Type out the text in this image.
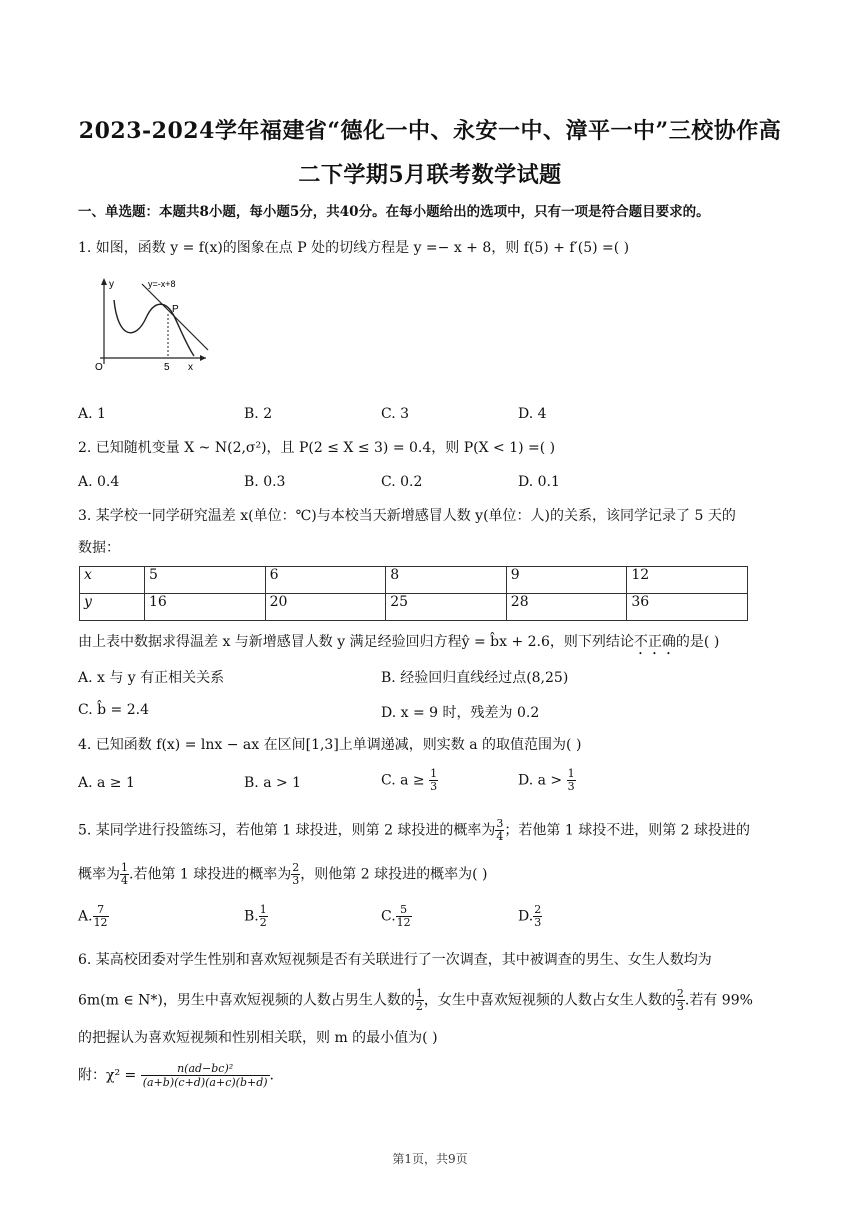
2023-2024学年福建省“德化一中、永安一中、漳平一中”三校协作高
二下学期5月联考数学试题
一、单选题：本题共8小题，每小题5分，共40分。在每小题给出的选项中，只有一项是符合题目要求的。
1. 如图，函数 y = f(x)的图象在点 P 处的切线方程是 y =− x + 8，则 f(5) + f′(5) =( )
y=-x+8
P
y
x
O	5
A. 1	B. 2	C. 3	D. 4
2. 已知随机变量 X ~ N(2,σ²)，且 P(2 ≤ X ≤ 3) = 0.4，则 P(X < 1) =( )
A. 0.4	B. 0.3	C. 0.2	D. 0.1
3. 某学校一同学研究温差 x(单位：℃)与本校当天新增感冒人数 y(单位：人)的关系，该同学记录了 5 天的
数据：
x	5	6	8	9	12
y	16	20	25	28	36
由上表中数据求得温差 x 与新增感冒人数 y 满足经验回归方程ŷ = b̂x + 2.6，则下列结论不正确的是( )
A. x 与 y 有正相关关系	B. 经验回归直线经过点(8,25)
C. b̂ = 2.4	D. x = 9 时，残差为 0.2
4. 已知函数 f(x) = lnx − ax 在区间[1,3]上单调递减，则实数 a 的取值范围为( )
A. a ≥ 1	B. a > 1	C. $a \ge \frac{1}{3}$	D. $a > \frac{1}{3}$
5. 某同学进行投篮练习，若他第 1 球投进，则第 2 球投进的概率为 $\frac{3}{4}$ ；若他第 1 球投不进，则第 2 球投进的
概率为 $\frac{1}{4}$ .若他第 1 球投进的概率为 $\frac{2}{3}$ ，则他第 2 球投进的概率为( )
A. $\frac{7}{12}$	B. $\frac{1}{2}$	C. $\frac{5}{12}$	D. $\frac{2}{3}$
6. 某高校团委对学生性别和喜欢短视频是否有关联进行了一次调查，其中被调查的男生、女生人数均为
6m(m ∈ N*)，男生中喜欢短视频的人数占男生人数的 $\frac{1}{2}$ ，女生中喜欢短视频的人数占女生人数的 $\frac{2}{3}$ .若有 99%
的把握认为喜欢短视频和性别相关联，则 m 的最小值为( )
附：$\chi^2 = \frac{\text{n(ad−bc)²}}{(a+b)(c+d)(a+c)(b+d)}$ .
第1页，共9页
